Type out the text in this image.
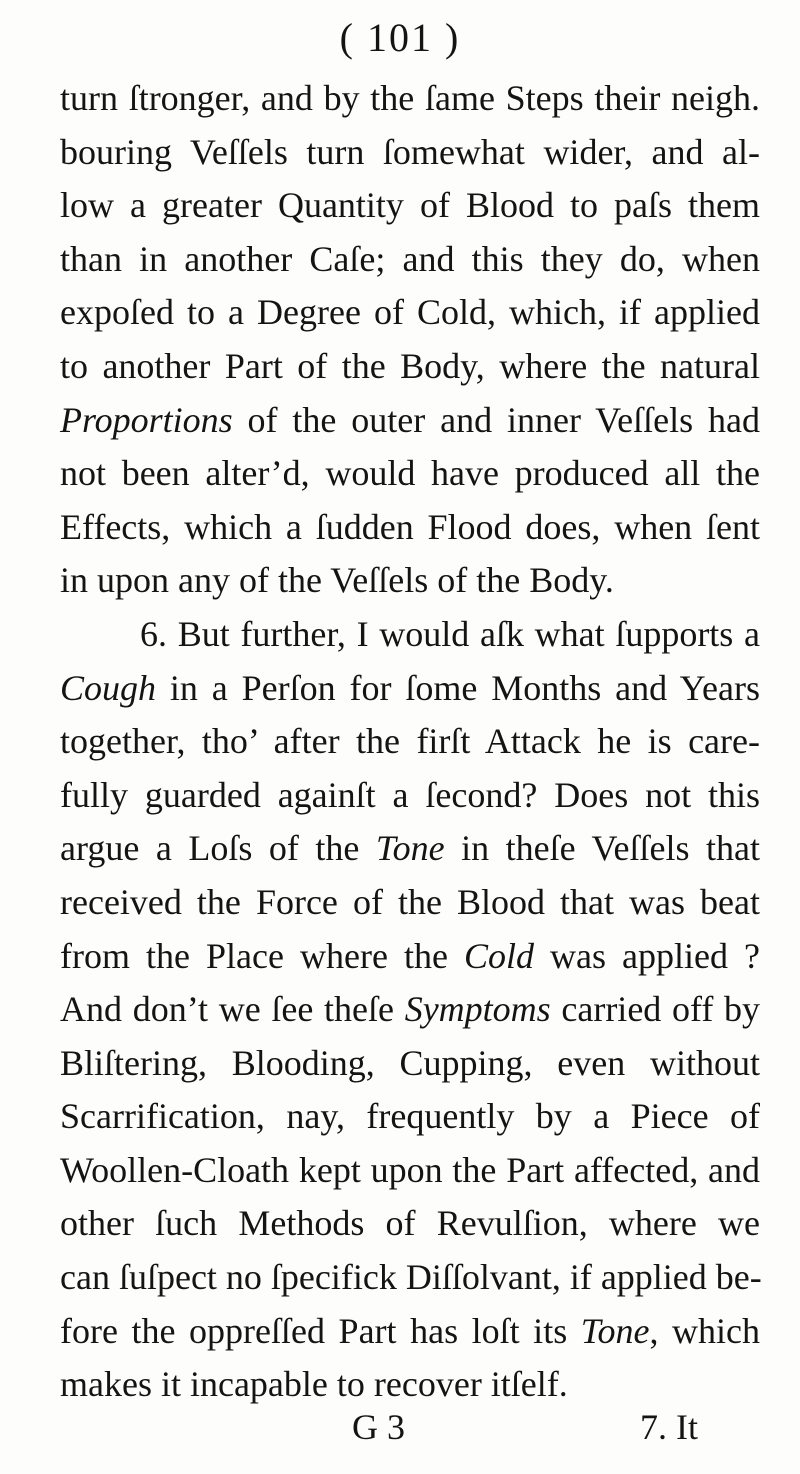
( 101 )
turn ſtronger, and by the ſame Steps their neigh.
bouring Veſſels turn ſomewhat wider, and al-
low a greater Quantity of Blood to paſs them
than in another Caſe; and this they do, when
expoſed to a Degree of Cold, which, if applied
to another Part of the Body, where the natural
Proportions of the outer and inner Veſſels had
not been alter’d, would have produced all the
Effects, which a ſudden Flood does, when ſent
in upon any of the Veſſels of the Body.
6. But further, I would aſk what ſupports a
Cough in a Perſon for ſome Months and Years
together, tho’ after the firſt Attack he is care-
fully guarded againſt a ſecond? Does not this
argue a Loſs of the Tone in theſe Veſſels that
received the Force of the Blood that was beat
from the Place where the Cold was applied ?
And don’t we ſee theſe Symptoms carried off by
Bliſtering, Blooding, Cupping, even without
Scarrification, nay, frequently by a Piece of
Woollen-Cloath kept upon the Part affected, and
other ſuch Methods of Revulſion, where we
can ſuſpect no ſpecifick Diſſolvant, if applied be-
fore the oppreſſed Part has loſt its Tone, which
makes it incapable to recover itſelf.
G 3	7. It
